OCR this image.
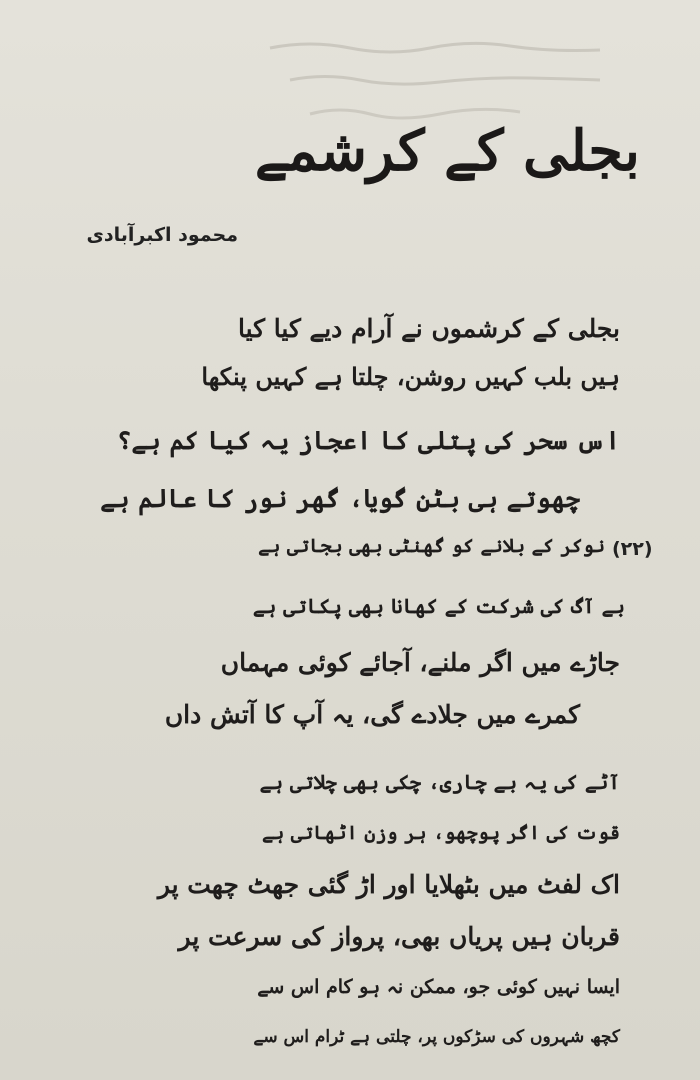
بجلی کے کرشمے
محمود اکبرآبادی
(۲۲)
بجلی کے کرشموں نے آرام دیے کیا کیا
ہیں بلب کہیں روشن، چلتا ہے کہیں پنکھا
اس سحر کی پتلی کا اعجاز یہ کیا کم ہے؟
چھوتے ہی بٹن گویا، گھر نور کا عالم ہے
نوکر کے بلانے کو گھنٹی بھی بجاتی ہے
بے آگ کی شرکت کے کھانا بھی پکاتی ہے
جاڑے میں اگر ملنے، آجائے کوئی مہماں
کمرے میں جلادے گی، یہ آپ کا آتش داں
آٹے کی یہ بے چاری، چکی بھی چلاتی ہے
قوت کی اگر پوچھو، ہر وزن اٹھاتی ہے
اک لفٹ میں بٹھلایا اور اڑ گئی جھٹ چھت پر
قربان ہیں پریاں بھی، پرواز کی سرعت پر
ایسا نہیں کوئی جو، ممکن نہ ہو کام اس سے
کچھ شہروں کی سڑکوں پر، چلتی ہے ٹرام اس سے
